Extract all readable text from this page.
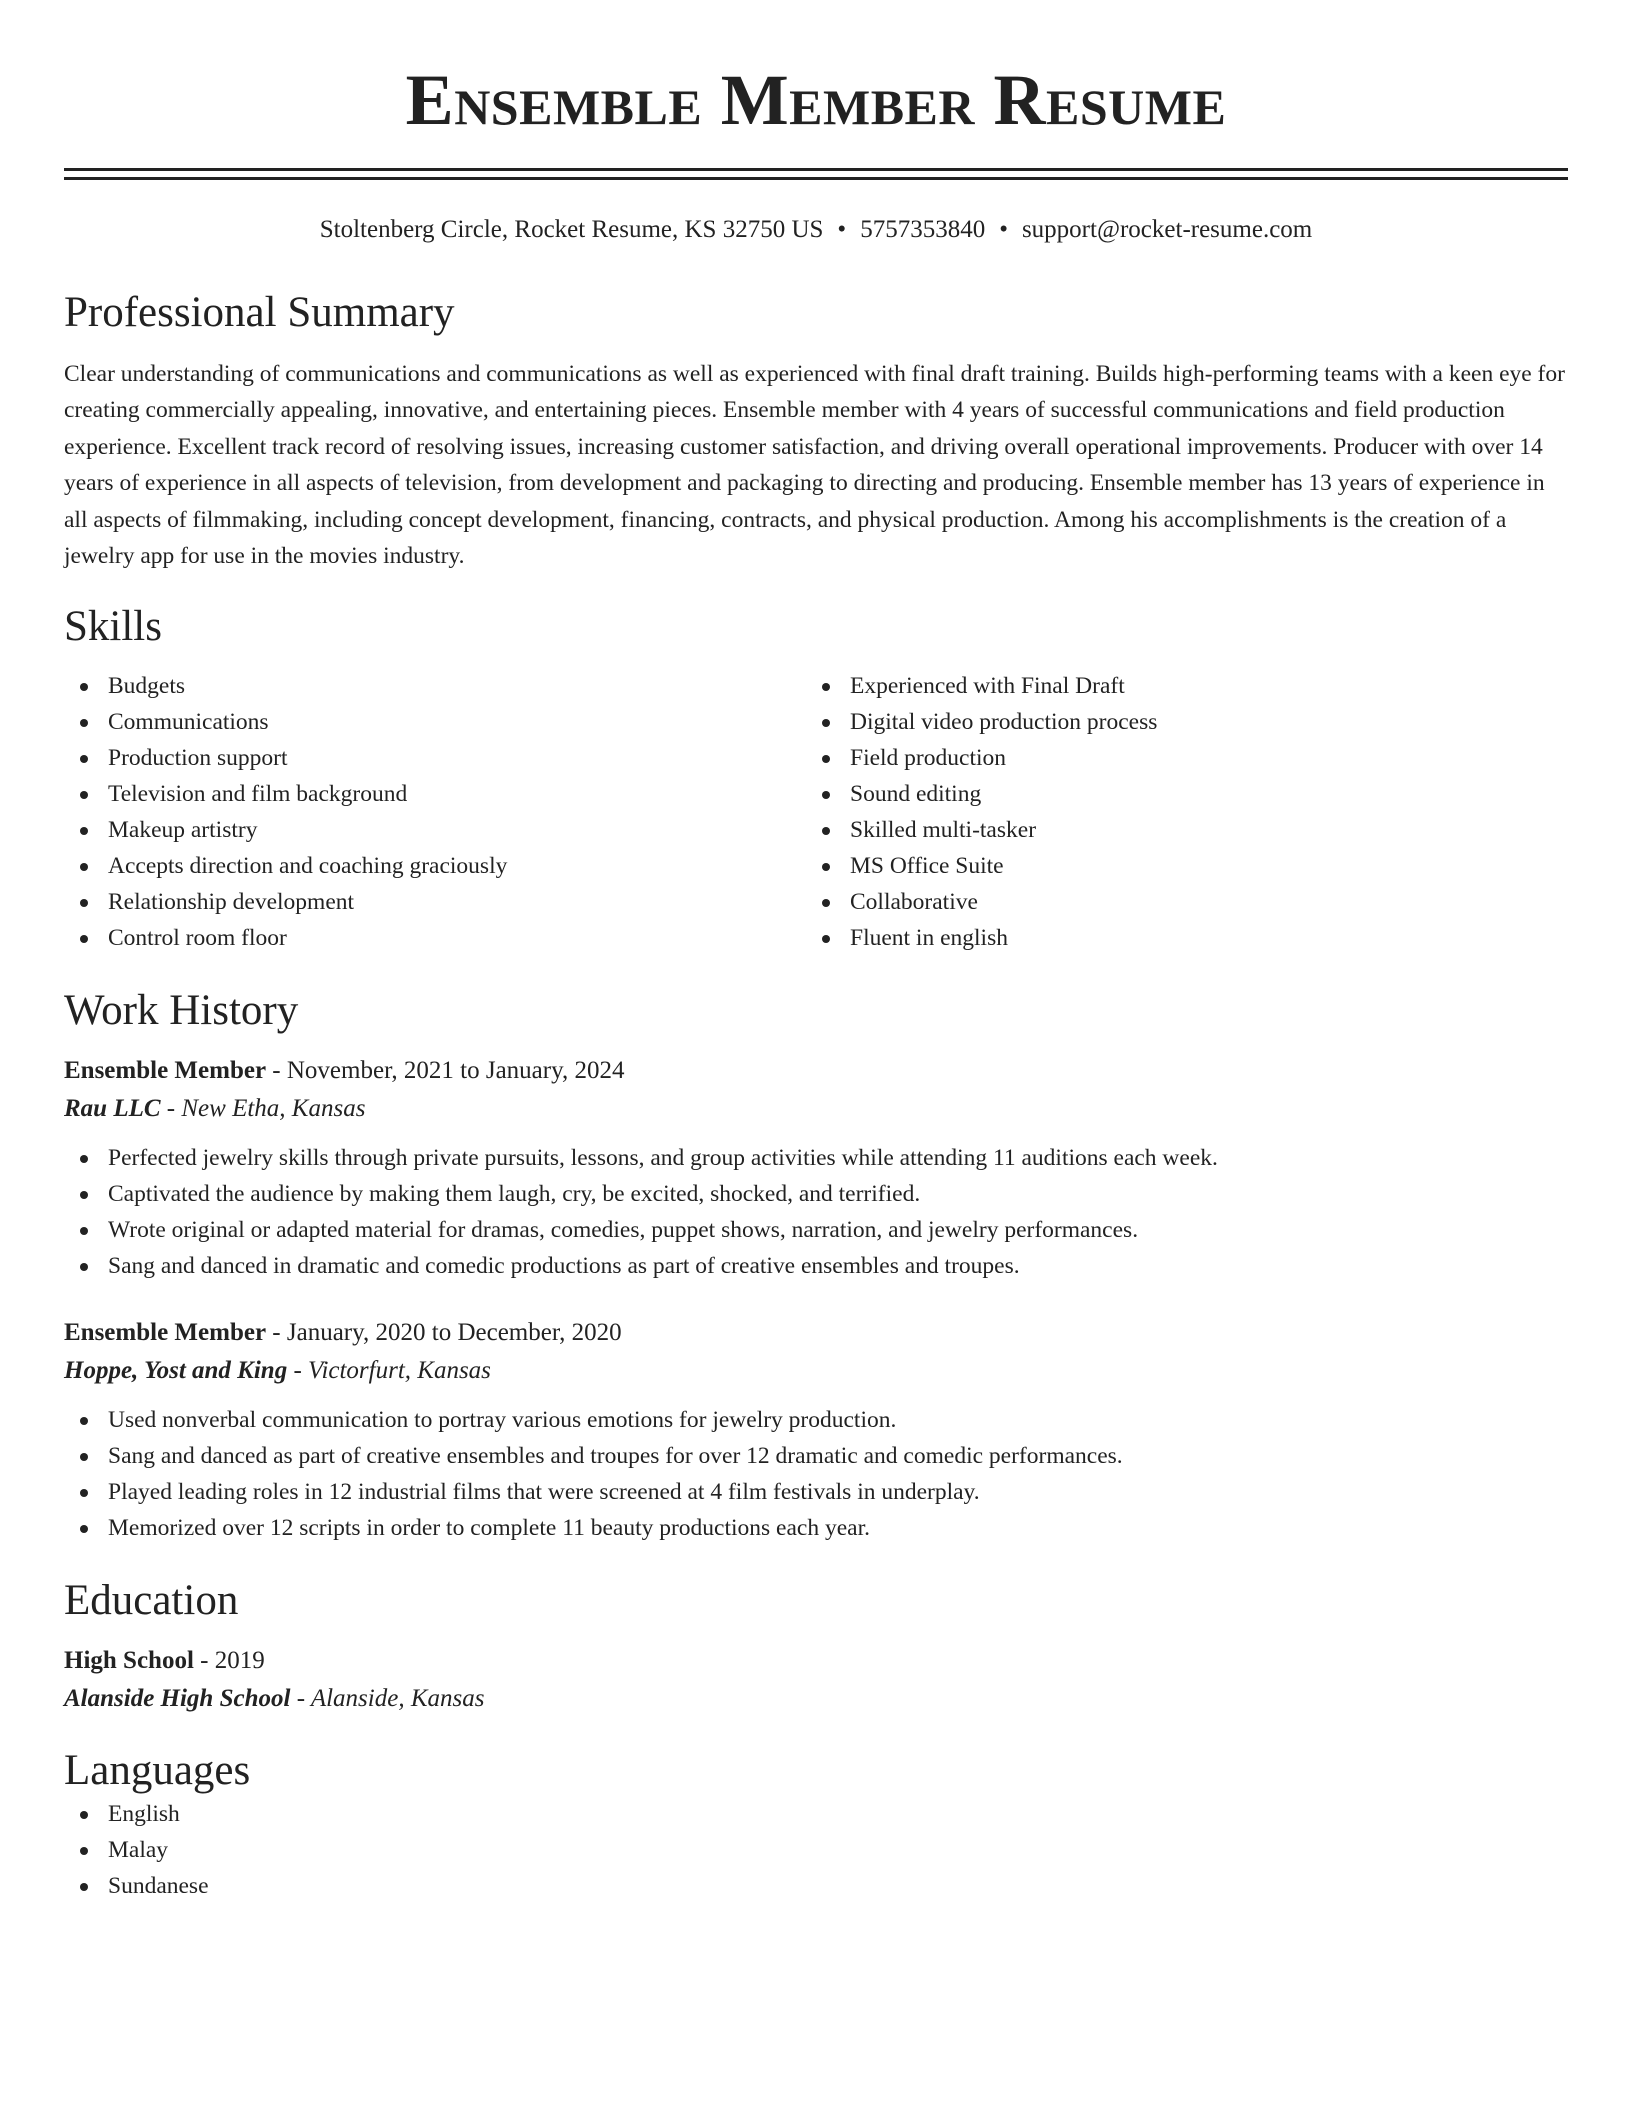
Ensemble Member Resume
Stoltenberg Circle, Rocket Resume, KS 32750 US • 5757353840 • support@rocket-resume.com
Professional Summary
Clear understanding of communications and communications as well as experienced with final draft training. Builds high-performing teams with a keen eye for creating commercially appealing, innovative, and entertaining pieces. Ensemble member with 4 years of successful communications and field production experience. Excellent track record of resolving issues, increasing customer satisfaction, and driving overall operational improvements. Producer with over 14 years of experience in all aspects of television, from development and packaging to directing and producing. Ensemble member has 13 years of experience in all aspects of filmmaking, including concept development, financing, contracts, and physical production. Among his accomplishments is the creation of a jewelry app for use in the movies industry.
Skills
Budgets
Communications
Production support
Television and film background
Makeup artistry
Accepts direction and coaching graciously
Relationship development
Control room floor
Experienced with Final Draft
Digital video production process
Field production
Sound editing
Skilled multi-tasker
MS Office Suite
Collaborative
Fluent in english
Work History
Ensemble Member - November, 2021 to January, 2024
Rau LLC - New Etha, Kansas
Perfected jewelry skills through private pursuits, lessons, and group activities while attending 11 auditions each week.
Captivated the audience by making them laugh, cry, be excited, shocked, and terrified.
Wrote original or adapted material for dramas, comedies, puppet shows, narration, and jewelry performances.
Sang and danced in dramatic and comedic productions as part of creative ensembles and troupes.
Ensemble Member - January, 2020 to December, 2020
Hoppe, Yost and King - Victorfurt, Kansas
Used nonverbal communication to portray various emotions for jewelry production.
Sang and danced as part of creative ensembles and troupes for over 12 dramatic and comedic performances.
Played leading roles in 12 industrial films that were screened at 4 film festivals in underplay.
Memorized over 12 scripts in order to complete 11 beauty productions each year.
Education
High School - 2019
Alanside High School - Alanside, Kansas
Languages
English
Malay
Sundanese
